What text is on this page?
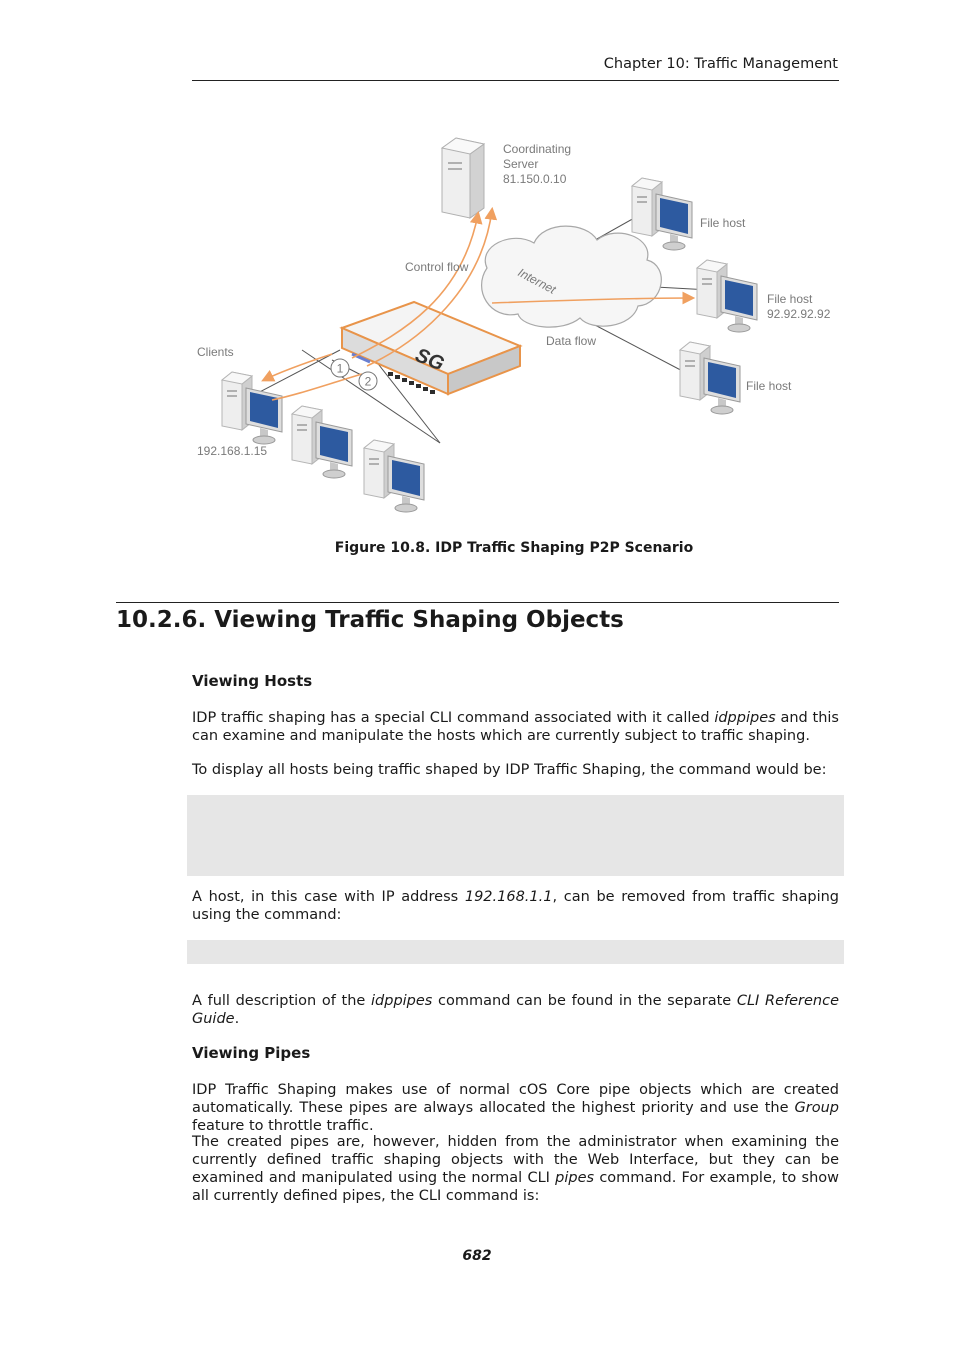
Chapter 10: Traffic Management
SG
1
2
Coordinating
Server
81.150.0.10
File host
File host
92.92.92.92
File host
Control flow
Data flow
Internet
Clients
192.168.1.15
Figure 10.8. IDP Traffic Shaping P2P Scenario
10.2.6. Viewing Traffic Shaping Objects
Viewing Hosts

IDP traffic shaping has a special CLI command associated with it called idppipes and this can examine and manipulate the hosts which are currently subject to traffic shaping.

To display all hosts being traffic shaped by IDP Traffic Shaping, the command would be:

A host, in this case with IP address 192.168.1.1, can be removed from traffic shaping using the command:

A full description of the idppipes command can be found in the separate CLI Reference Guide.

Viewing Pipes

IDP Traffic Shaping makes use of normal cOS Core pipe objects which are created automatically. These pipes are always allocated the highest priority and use the Group feature to throttle traffic.

The created pipes are, however, hidden from the administrator when examining the currently defined traffic shaping objects with the Web Interface, but they can be examined and manipulated using the normal CLI pipes command. For example, to show all currently defined pipes, the CLI command is:

682
